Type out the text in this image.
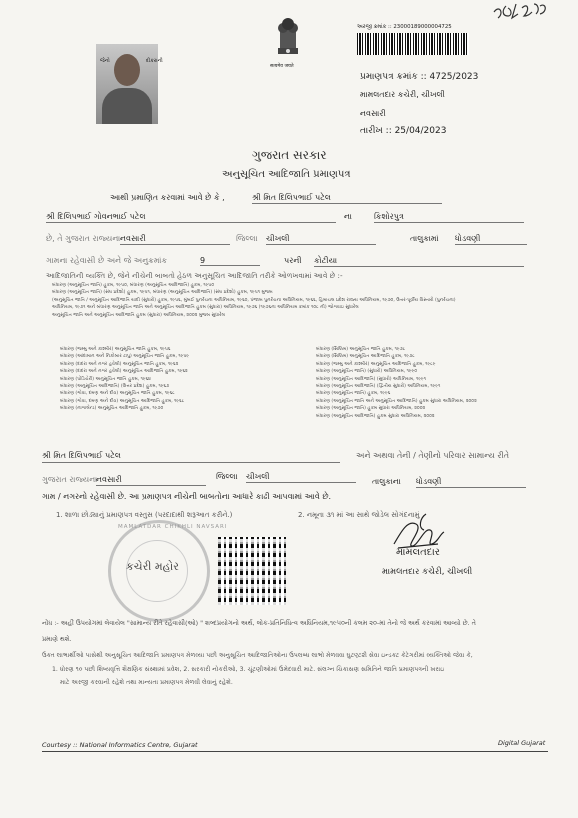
જેનો	દીકરાની
सत्यमेव जयते
અરજી ક્રમાંક :: 23000189000004725
પ્રમાણપત્ર ક્રમાંક :: 4725/2023
મામલતદાર કચેરી, ચીખલી
નવસારી
તારીખ :: 25/04/2023
ગુજરાત સરકાર
અનુસૂચિત આદિજાતિ પ્રમાણપત્ર
આથી પ્રમાણિત કરવામાં આવે છે કે ,	શ્રી મિત દિલિપભાઈ પટેલ
શ્રી દિલિપભાઈ ગોવનભાઈ પટેલ	ના	કિશોરપુત્ર
છે, તે ગુજરાત રાજ્યના નવસારી	જિલ્લા ચીખલી	તાલુકામાં ધોડવણી
ગામના રહેવાસી છે અને જે અનુક્રમાંક	9	પરની કોટીયા
આદિજાતિની વ્યક્તિ છે, જેને નીચેની બાબતો હેઠળ અનુસૂચિત આદિજાતિ તરીકે ઓળખવામાં આવે છે :-
બંધારણ (અનુસૂચિત જાતિ) હુકમ, ૧૯૫૦, બંધારણ (અનુસૂચિત આદિજાતિ) હુકમ, ૧૯૫૦
બંધારણ (અનુસૂચિત જાતિ) (સંઘ પ્રદેશો) હુકમ, ૧૯૫૧, બંધારણ (અનુસૂચિત આદિજાતિ) (સંઘ પ્રદેશો) હુકમ, ૧૯૫૧ મુજબ
(અનુસૂચિત જાતિ / અનુસૂચિત આદિજાતિ યાદી (સુધારો) હુકમ, ૧૯૫૬, મુંબઈ પુનર્રચના અધિનિયમ, ૧૯૬૦, પંજાબ પુનર્રચના અધિનિયમ, ૧૯૬૬, હિમાચલ પ્રદેશ રાજ્ય અધિનિયમ, ૧૯૭૦, ઉત્તર-પૂર્વીય વિસ્તારો (પુનર્રચના)
અધિનિયમ, ૧૯૭૧ અને બંધારણ અનુસૂચિત જાતિ અને અનુસૂચિત આદિજાતિ હુકમ (સુધારા) અધિનિયમ, ૧૯૭૬ (૧૯૭૬ના અધિનિયમ ક્રમાંક ૧૦૮ ની) જોગવાઇ સુધારેલ
અનુસૂચિત જાતિ અને અનુસૂચિત આદિજાતિ હુકમ (સુધારા) અધિનિયમ, ૨૦૦૨ મુજબ સુધારેલ
બંધારણ (જમ્મુ અને કાશ્મીર) અનુસૂચિત જાતિ હુકમ, ૧૯૫૬
બંધારણ (આંદામાન અને નિકોબાર ટાપુ) અનુસૂચિત જાતિ હુકમ, ૧૯૫૯
બંધારણ (દાદરા અને નગર હવેલી) અનુસૂચિત જાતિ હુકમ, ૧૯૬૨
બંધારણ (દાદરા અને નગર હવેલી) અનુસૂચિત આદિજાતિ હુકમ, ૧૯૬૨
બંધારણ (પોંડિચેરી) અનુસૂચિત જાતિ હુકમ, ૧૯૬૪
બંધારણ (અનુસૂચિત આદિજાતિ) (ઉત્તર પ્રદેશ) હુકમ, ૧૯૬૭
બંધારણ (ગોવા, દમણ અને દીવ) અનુસૂચિત જાતિ હુકમ, ૧૯૬૮
બંધારણ (ગોવા, દમણ અને દીવ) અનુસૂચિત આદિજાતિ હુકમ, ૧૯૬૮
બંધારણ (નાગાલેન્ડ) અનુસૂચિત આદિજાતિ હુકમ, ૧૯૭૦
બંધારણ (સિક્કિમ) અનુસૂચિત જાતિ હુકમ, ૧૯૭૮
બંધારણ (સિક્કિમ) અનુસૂચિત આદિજાતિ હુકમ, ૧૯૭૮
બંધારણ (જમ્મુ અને કાશ્મીર) અનુસૂચિત આદિજાતિ હુકમ, ૧૯૮૯
બંધારણ (અનુસૂચિત જાતિ) (સુધારો) અધિનિયમ, ૧૯૯૦
બંધારણ (અનુસૂચિત આદિજાતિ) (સુધારો) અધિનિયમ, ૧૯૯૧
બંધારણ (અનુસૂચિત આદિજાતિ) (દ્વિતીય સુધારો) અધિનિયમ, ૧૯૯૧
બંધારણ (અનુસૂચિત જાતિ) હુકમ, ૧૯૯૬
બંધારણ (અનુસૂચિત જાતિ અને અનુસૂચિત આદિજાતિ) હુકમ સુધારા અધિનિયમ, ૨૦૦૨
બંધારણ (અનુસૂચિત જાતિ) હુકમ સુધારા અધિનિયમ, ૨૦૦૨
બંધારણ (અનુસૂચિત આદિજાતિ) હુકમ સુધારા અધિનિયમ, ૨૦૦૨
શ્રી મિત દિલિપભાઈ પટેલ	અને અથવા તેની / તેણીનો પરિવાર સામાન્ય રીતે
ગુજરાત રાજ્યના
નવસારી	જિલ્લા ચીખલી
તાલુકાના ધોડવણી
ગામ / નગરનો રહેવાસી છે. આ પ્રમાણપત્ર નીચેની બાબતોના આધારે કાઢી આપવામાં આવે છે.
1. શાળા છોડ્યાનું પ્રમાણપત્ર વસ્તુસ (પરદાદાથી શરૂઆત કરીને.)	2. નમૂના ૩૧ માં આ સાથે જોડેલ સોગંદનામું
MAMLATDAR CHIKHLI NAVSARI
કચેરી મહોર
મામલતદાર
મામલતદાર કચેરી, ચીખલી
નોંધ :- અહીં ઉપયોગમાં લેવાયેલ "સામાન્ય રીતે રહેવાસી(ઓ) " શબ્દપ્રયોગનો અર્થ, લોક-પ્રતિનિધિત્વ અધિનિયમ,૧૯૫૦ની કલમ ૨૦-માં તેનો જે અર્થ કરવામાં આવ્યો છે. તે
પ્રમાણે થશે.
ઉક્ત લાભાર્થીઓ પાસેથી અનુસૂચિત આદિજાતિ પ્રમાણપત્ર મેળવ્યા પછી અનુસૂચિત આદિજાતિઓના ઉપલબ્ધ લાભો મેળવવા ઘુટણ્ટ૨ી સેવા ઇન્ડક્ટ કેટેગરીમાં વ્યક્તિઓ જેવા કે,
1. ધોરણ ૧૦ પછી શિષ્યવૃત્તિ શૈક્ષણિક સંસ્થામાં પ્રવેશ, 2. સરકારી નોકરીઓ, 3. ચૂંટણીઓમાં ઉમેદવારી માટે. સંલગ્ન ચિકાસણ સમિતિને જાતિ પ્રમાણપત્રની ખરાઇ
માટે અરજી કરવાની રહેશે તથા માન્યતા પ્રમાણપત્ર મેળવી લેવાનું રહેશે.
Courtesy :: National Informatics Centre, Gujarat	Digital Gujarat
